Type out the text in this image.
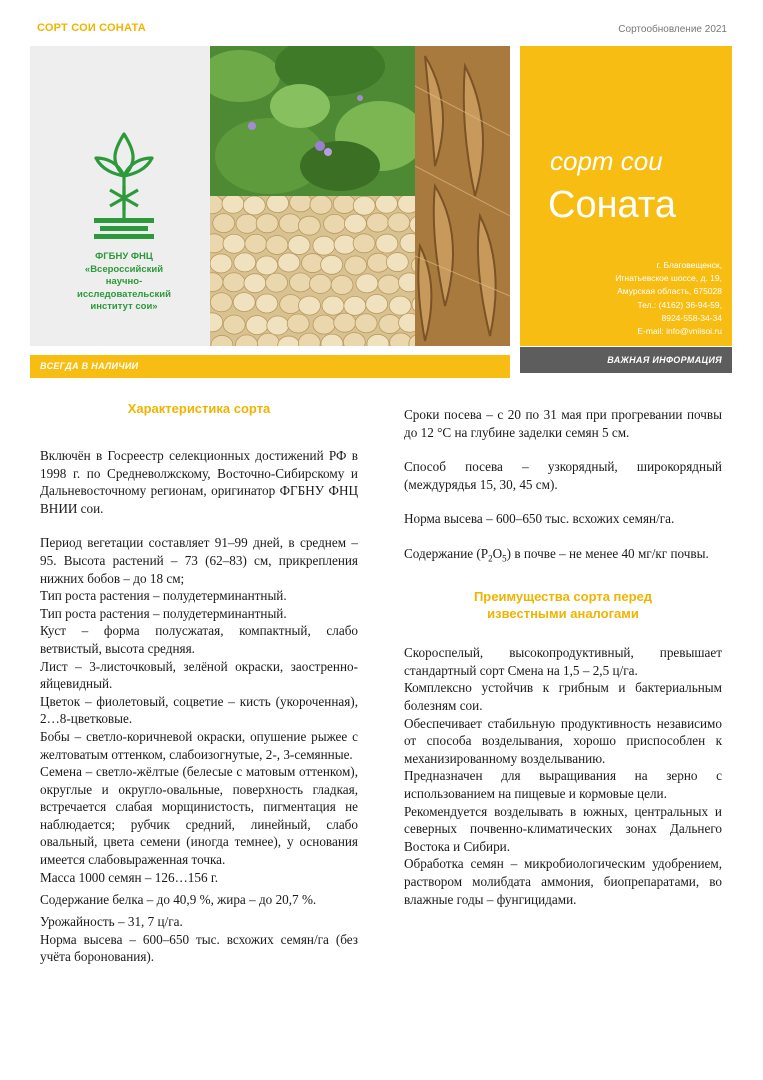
СОРТ СОИ СОНАТА	Сортообновление 2021
ФГБНУ ФНЦ
«Всероссийский
научно-
исследовательский
институт сои»
ВСЕГДА В НАЛИЧИИ
сорт сои
Соната
г. Благовещенск,
Игнатьевское шоссе, д. 19,
Амурская область, 675028
Тел.: (4162) 36-94-59,
8924-558-34-34
E-mail: info@vniisoi.ru
ВАЖНАЯ ИНФОРМАЦИЯ
Характеристика сорта

Включён в Госреестр селекционных достижений РФ в 1998 г. по Средневолжскому, Восточно-Сибирскому и Дальневосточному регионам, оригинатор ФГБНУ ФНЦ ВНИИ сои.

Период вегетации составляет 91–99 дней, в среднем – 95. Высота растений – 73 (62–83) см, прикрепления нижних бобов – до 18 см;

Тип роста растения – полудетерминантный.

Тип роста растения – полудетерминантный.

Куст – форма полусжатая, компактный, слабо ветвистый, высота средняя.

Лист – 3-листочковый, зелёной окраски, заостренно-яйцевидный.

Цветок – фиолетовый, соцветие – кисть (укороченная), 2…8-цветковые.

Бобы – светло-коричневой окраски, опушение рыжее с желтоватым оттенком, слабоизогнутые, 2-, 3-семянные.

Семена – светло-жёлтые (белесые с матовым оттенком), округлые и округло-овальные, поверхность гладкая, встречается слабая морщинистость, пигментация не наблюдается; рубчик средний, линейный, слабо овальный, цвета семени (иногда темнее), у основания имеется слабовыраженная точка.

Масса 1000 семян – 126…156 г.

Содержание белка – до 40,9 %, жира – до 20,7 %.

Урожайность – 31, 7 ц/га.

Норма высева – 600–650 тыс. всхожих семян/га (без учёта боронования).

Сроки посева – с 20 по 31 мая при прогревании почвы до 12 °С на глубине заделки семян 5 см.

Способ посева – узкорядный, широкорядный (междурядья 15, 30, 45 см).

Норма высева – 600–650 тыс. всхожих семян/га.

Содержание $(P_2O_5)$ в почве – не менее 40 мг/кг почвы.

Преимущества сорта перед
известными аналогами

Скороспелый, высокопродуктивный, превышает стандартный сорт Смена на 1,5 – 2,5 ц/га.

Комплексно устойчив к грибным и бактериальным болезням сои.

Обеспечивает стабильную продуктивность независимо от способа возделывания, хорошо приспособлен к механизированному возделыванию.

Предназначен для выращивания на зерно с использованием на пищевые и кормовые цели.

Рекомендуется возделывать в южных, центральных и северных почвенно-климатических зонах Дальнего Востока и Сибири.

Обработка семян – микробиологическим удобрением, раствором молибдата аммония, биопрепаратами, во влажные годы – фунгицидами.
